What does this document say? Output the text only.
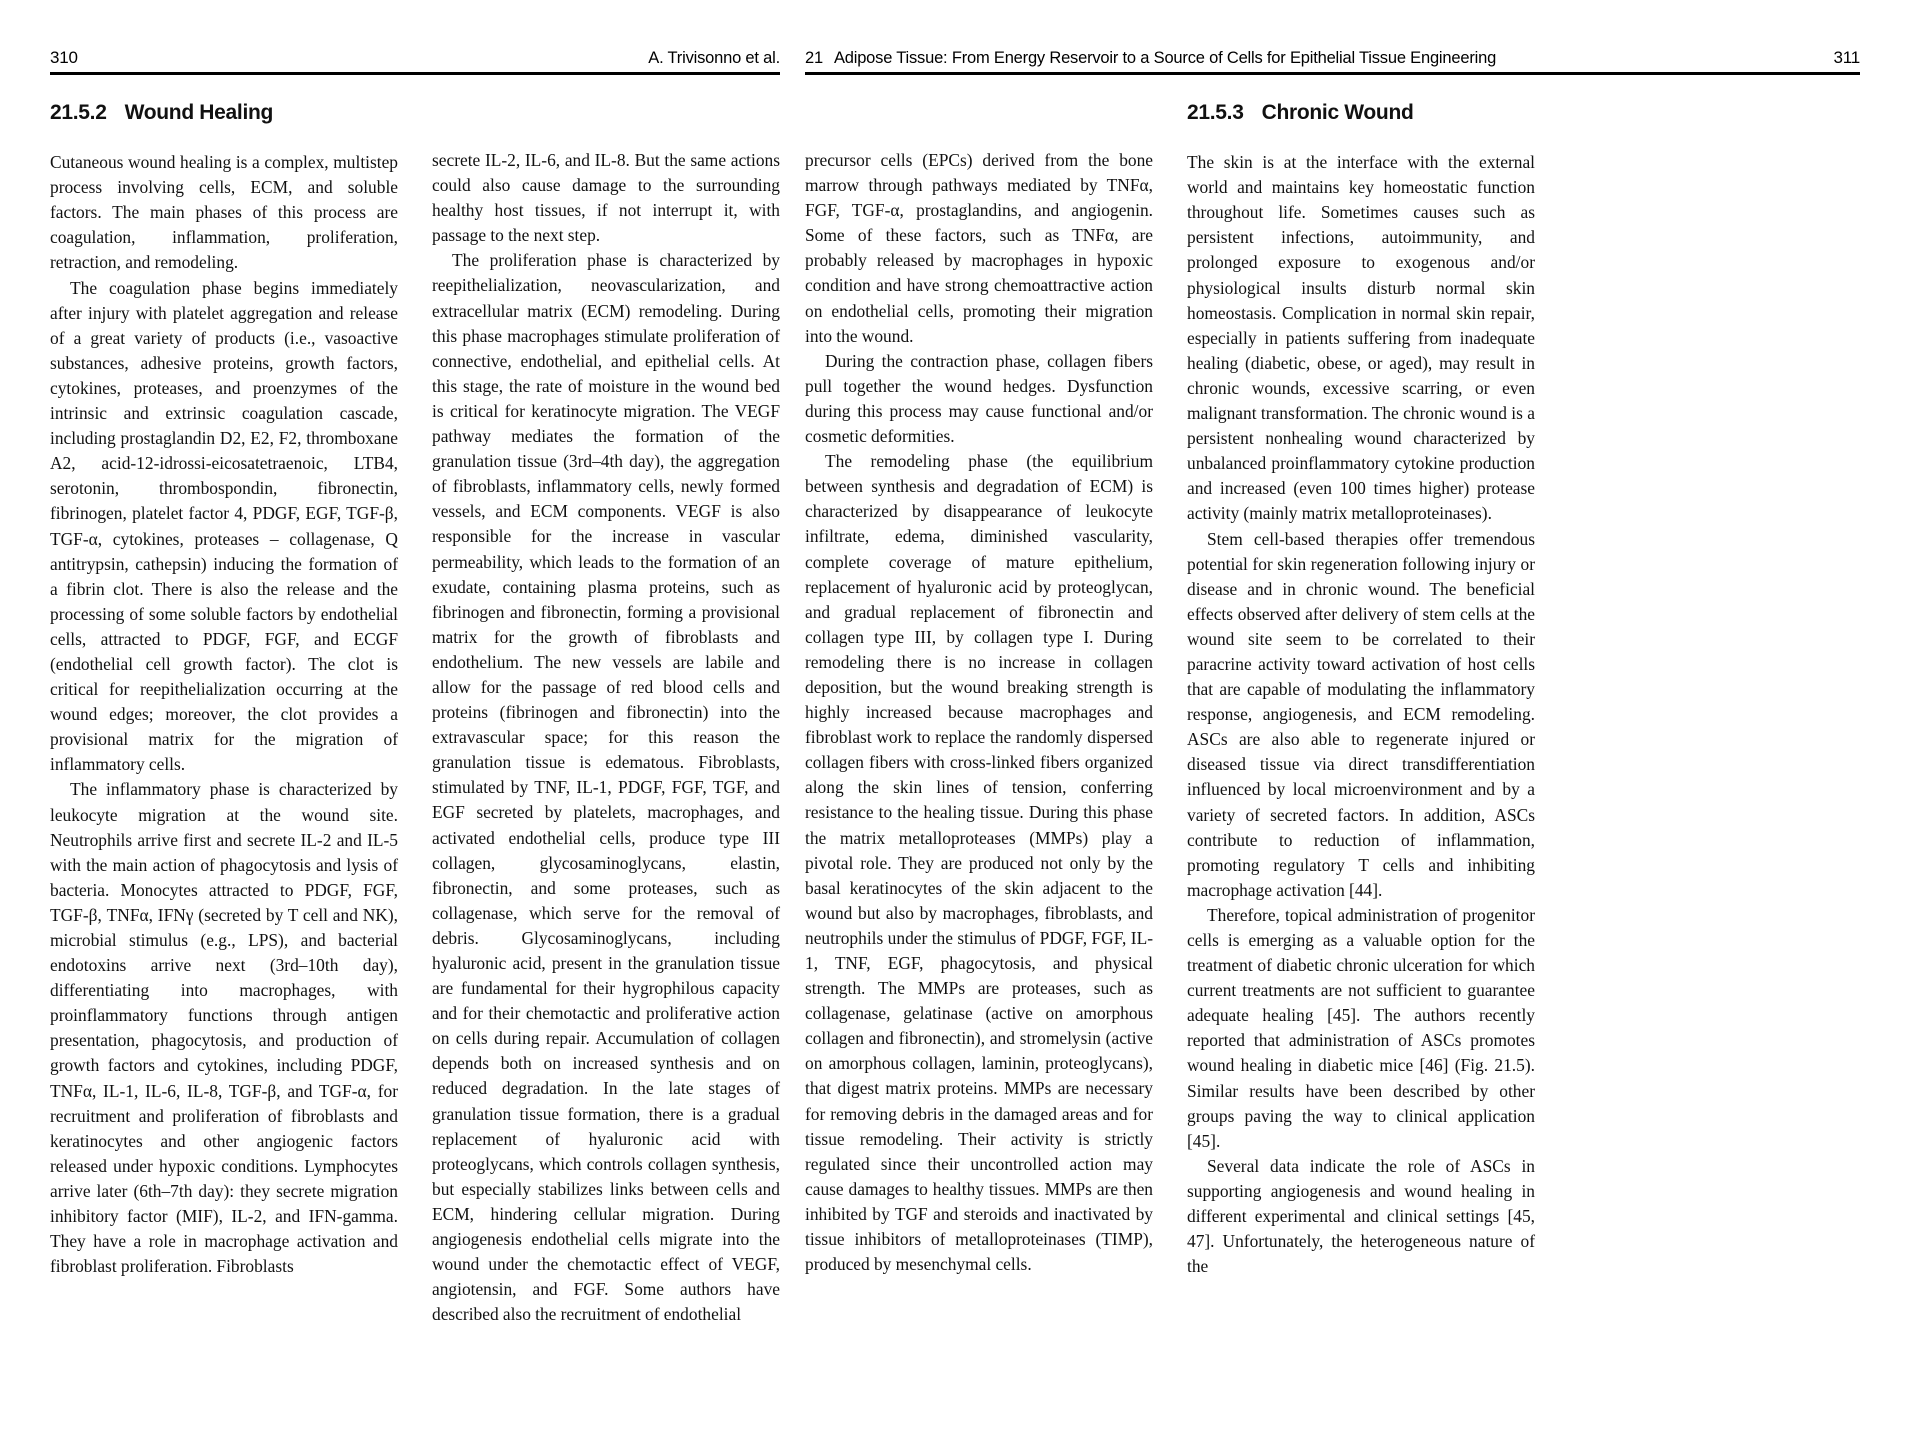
310	A. Trivisonno et al.
21.5.2 Wound Healing

Cutaneous wound healing is a complex, multistep process involving cells, ECM, and soluble factors. The main phases of this process are coagulation, inflammation, proliferation, retraction, and remodeling.

The coagulation phase begins immediately after injury with platelet aggregation and release of a great variety of products (i.e., vasoactive substances, adhesive proteins, growth factors, cytokines, proteases, and proenzymes of the intrinsic and extrinsic coagulation cascade, including prostaglandin D2, E2, F2, thromboxane A2, acid-12-idrossi-eicosatetraenoic, LTB4, serotonin, thrombospondin, fibronectin, fibrinogen, platelet factor 4, PDGF, EGF, TGF-β, TGF-α, cytokines, proteases – collagenase, Q antitrypsin, cathepsin) inducing the formation of a fibrin clot. There is also the release and the processing of some soluble factors by endothelial cells, attracted to PDGF, FGF, and ECGF (endothelial cell growth factor). The clot is critical for reepithelialization occurring at the wound edges; moreover, the clot provides a provisional matrix for the migration of inflammatory cells.

The inflammatory phase is characterized by leukocyte migration at the wound site. Neutrophils arrive first and secrete IL-2 and IL-5 with the main action of phagocytosis and lysis of bacteria. Monocytes attracted to PDGF, FGF, TGF-β, TNFα, IFNγ (secreted by T cell and NK), microbial stimulus (e.g., LPS), and bacterial endotoxins arrive next (3rd–10th day), differentiating into macrophages, with proinflammatory functions through antigen presentation, phagocytosis, and production of growth factors and cytokines, including PDGF, TNFα, IL-1, IL-6, IL-8, TGF-β, and TGF-α, for recruitment and proliferation of fibroblasts and keratinocytes and other angiogenic factors released under hypoxic conditions. Lymphocytes arrive later (6th–7th day): they secrete migration inhibitory factor (MIF), IL-2, and IFN-gamma. They have a role in macrophage activation and fibroblast proliferation. Fibroblasts

secrete IL-2, IL-6, and IL-8. But the same actions could also cause damage to the surrounding healthy host tissues, if not interrupt it, with passage to the next step.

The proliferation phase is characterized by reepithelialization, neovascularization, and extracellular matrix (ECM) remodeling. During this phase macrophages stimulate proliferation of connective, endothelial, and epithelial cells. At this stage, the rate of moisture in the wound bed is critical for keratinocyte migration. The VEGF pathway mediates the formation of the granulation tissue (3rd–4th day), the aggregation of fibroblasts, inflammatory cells, newly formed vessels, and ECM components. VEGF is also responsible for the increase in vascular permeability, which leads to the formation of an exudate, containing plasma proteins, such as fibrinogen and fibronectin, forming a provisional matrix for the growth of fibroblasts and endothelium. The new vessels are labile and allow for the passage of red blood cells and proteins (fibrinogen and fibronectin) into the extravascular space; for this reason the granulation tissue is edematous. Fibroblasts, stimulated by TNF, IL-1, PDGF, FGF, TGF, and EGF secreted by platelets, macrophages, and activated endothelial cells, produce type III collagen, glycosaminoglycans, elastin, fibronectin, and some proteases, such as collagenase, which serve for the removal of debris. Glycosaminoglycans, including hyaluronic acid, present in the granulation tissue are fundamental for their hygrophilous capacity and for their chemotactic and proliferative action on cells during repair. Accumulation of collagen depends both on increased synthesis and on reduced degradation. In the late stages of granulation tissue formation, there is a gradual replacement of hyaluronic acid with proteoglycans, which controls collagen synthesis, but especially stabilizes links between cells and ECM, hindering cellular migration. During angiogenesis endothelial cells migrate into the wound under the chemotactic effect of VEGF, angiotensin, and FGF. Some authors have described also the recruitment of endothelial

21 Adipose Tissue: From Energy Reservoir to a Source of Cells for Epithelial Tissue Engineering	311

precursor cells (EPCs) derived from the bone marrow through pathways mediated by TNFα, FGF, TGF-α, prostaglandins, and angiogenin. Some of these factors, such as TNFα, are probably released by macrophages in hypoxic condition and have strong chemoattractive action on endothelial cells, promoting their migration into the wound.

During the contraction phase, collagen fibers pull together the wound hedges. Dysfunction during this process may cause functional and/or cosmetic deformities.

The remodeling phase (the equilibrium between synthesis and degradation of ECM) is characterized by disappearance of leukocyte infiltrate, edema, diminished vascularity, complete coverage of mature epithelium, replacement of hyaluronic acid by proteoglycan, and gradual replacement of fibronectin and collagen type III, by collagen type I. During remodeling there is no increase in collagen deposition, but the wound breaking strength is highly increased because macrophages and fibroblast work to replace the randomly dispersed collagen fibers with cross-linked fibers organized along the skin lines of tension, conferring resistance to the healing tissue. During this phase the matrix metalloproteases (MMPs) play a pivotal role. They are produced not only by the basal keratinocytes of the skin adjacent to the wound but also by macrophages, fibroblasts, and neutrophils under the stimulus of PDGF, FGF, IL-1, TNF, EGF, phagocytosis, and physical strength. The MMPs are proteases, such as collagenase, gelatinase (active on amorphous collagen and fibronectin), and stromelysin (active on amorphous collagen, laminin, proteoglycans), that digest matrix proteins. MMPs are necessary for removing debris in the damaged areas and for tissue remodeling. Their activity is strictly regulated since their uncontrolled action may cause damages to healthy tissues. MMPs are then inhibited by TGF and steroids and inactivated by tissue inhibitors of metalloproteinases (TIMP), produced by mesenchymal cells.

21.5.3 Chronic Wound

The skin is at the interface with the external world and maintains key homeostatic function throughout life. Sometimes causes such as persistent infections, autoimmunity, and prolonged exposure to exogenous and/or physiological insults disturb normal skin homeostasis. Complication in normal skin repair, especially in patients suffering from inadequate healing (diabetic, obese, or aged), may result in chronic wounds, excessive scarring, or even malignant transformation. The chronic wound is a persistent nonhealing wound characterized by unbalanced proinflammatory cytokine production and increased (even 100 times higher) protease activity (mainly matrix metalloproteinases).

Stem cell-based therapies offer tremendous potential for skin regeneration following injury or disease and in chronic wound. The beneficial effects observed after delivery of stem cells at the wound site seem to be correlated to their paracrine activity toward activation of host cells that are capable of modulating the inflammatory response, angiogenesis, and ECM remodeling. ASCs are also able to regenerate injured or diseased tissue via direct transdifferentiation influenced by local microenvironment and by a variety of secreted factors. In addition, ASCs contribute to reduction of inflammation, promoting regulatory T cells and inhibiting macrophage activation [44].

Therefore, topical administration of progenitor cells is emerging as a valuable option for the treatment of diabetic chronic ulceration for which current treatments are not sufficient to guarantee adequate healing [45]. The authors recently reported that administration of ASCs promotes wound healing in diabetic mice [46] (Fig. 21.5). Similar results have been described by other groups paving the way to clinical application [45].

Several data indicate the role of ASCs in supporting angiogenesis and wound healing in different experimental and clinical settings [45, 47]. Unfortunately, the heterogeneous nature of the
